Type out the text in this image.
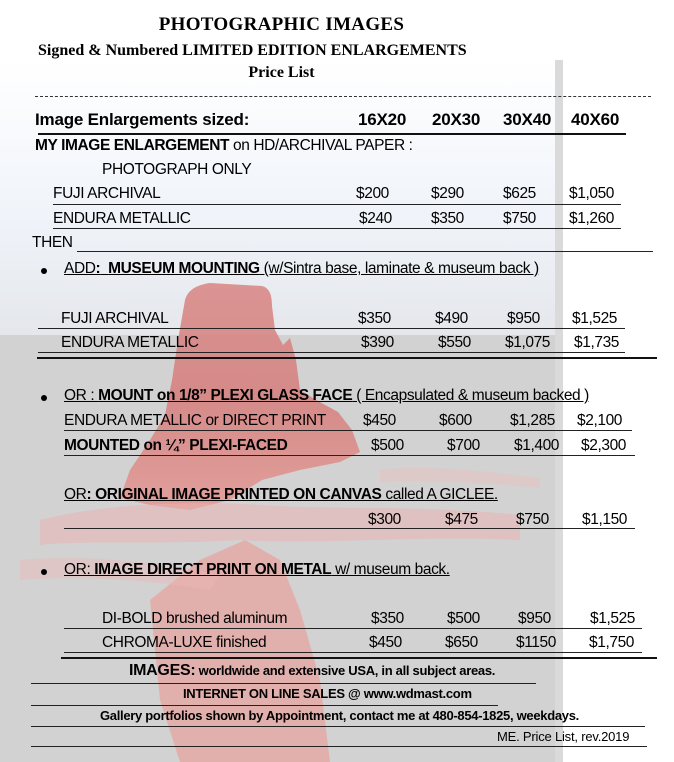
PHOTOGRAPHIC IMAGES
Signed & Numbered LIMITED EDITION ENLARGEMENTS
Price List
Image Enlargements sized:	16X20 20X30 30X40 40X60
MY IMAGE ENLARGEMENT on HD/ARCHIVAL PAPER :
PHOTOGRAPH ONLY
FUJI ARCHIVAL	$200	$290	$625 $1,050
ENDURA METALLIC	$240	$350	$750 $1,260
THEN
ADD: MUSEUM MOUNTING (w/Sintra base, laminate & museum back )
FUJI ARCHIVAL	$350	$490	$950 $1,525
ENDURA METALLIC	$390	$550 $1,075 $1,735
OR : MOUNT on 1/8” PLEXI GLASS FACE ( Encapsulated & museum backed )
ENDURA METALLIC or DIRECT PRINT $450	$600 $1,285 $2,100
MOUNTED on ¼” PLEXI-FACED	$500	$700 $1,400 $2,300
OR: ORIGINAL IMAGE PRINTED ON CANVAS called A GICLEE.
$300	$475 $750 $1,150
OR: IMAGE DIRECT PRINT ON METAL w/ museum back.
DI-BOLD brushed aluminum	$350	$500 $950	$1,525
CHROMA-LUXE finished	$450	$650 $1150 $1,750
IMAGES: worldwide and extensive USA, in all subject areas.
INTERNET ON LINE SALES @ www.wdmast.com
Gallery portfolios shown by Appointment, contact me at 480-854-1825, weekdays.
ME. Price List, rev.2019
